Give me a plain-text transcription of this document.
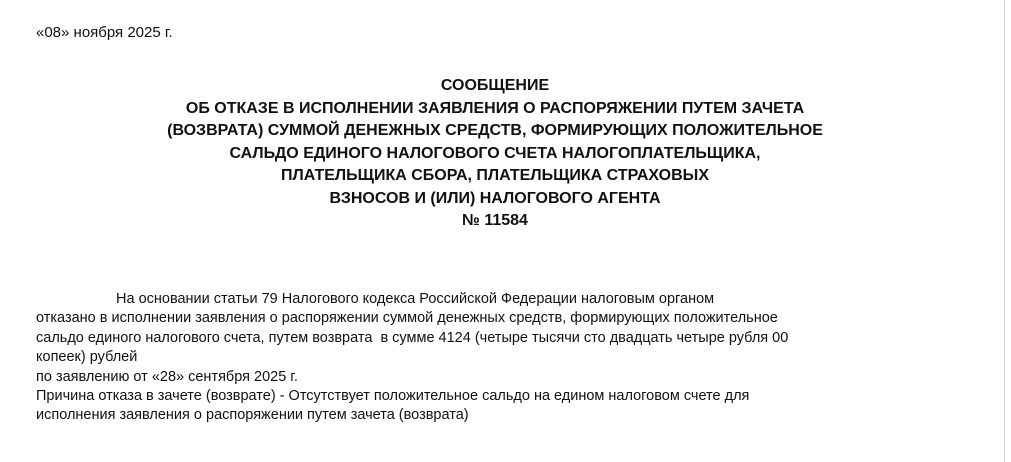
«08» ноября 2025 г.
СООБЩЕНИЕ
ОБ ОТКАЗЕ В ИСПОЛНЕНИИ ЗАЯВЛЕНИЯ О РАСПОРЯЖЕНИИ ПУТЕМ ЗАЧЕТА
(ВОЗВРАТА) СУММОЙ ДЕНЕЖНЫХ СРЕДСТВ, ФОРМИРУЮЩИХ ПОЛОЖИТЕЛЬНОЕ
САЛЬДО ЕДИНОГО НАЛОГОВОГО СЧЕТА НАЛОГОПЛАТЕЛЬЩИКА,
ПЛАТЕЛЬЩИКА СБОРА, ПЛАТЕЛЬЩИКА СТРАХОВЫХ
ВЗНОСОВ И (ИЛИ) НАЛОГОВОГО АГЕНТА
№ 11584
На основании статьи 79 Налогового кодекса Российской Федерации налоговым органом
отказано в исполнении заявления о распоряжении суммой денежных средств, формирующих положительное
сальдо единого налогового счета, путем возврата  в сумме 4124 (четыре тысячи сто двадцать четыре рубля 00
копеек) рублей
по заявлению от «28» сентября 2025 г.
Причина отказа в зачете (возврате) - Отсутствует положительное сальдо на едином налоговом счете для
исполнения заявления о распоряжении путем зачета (возврата)
